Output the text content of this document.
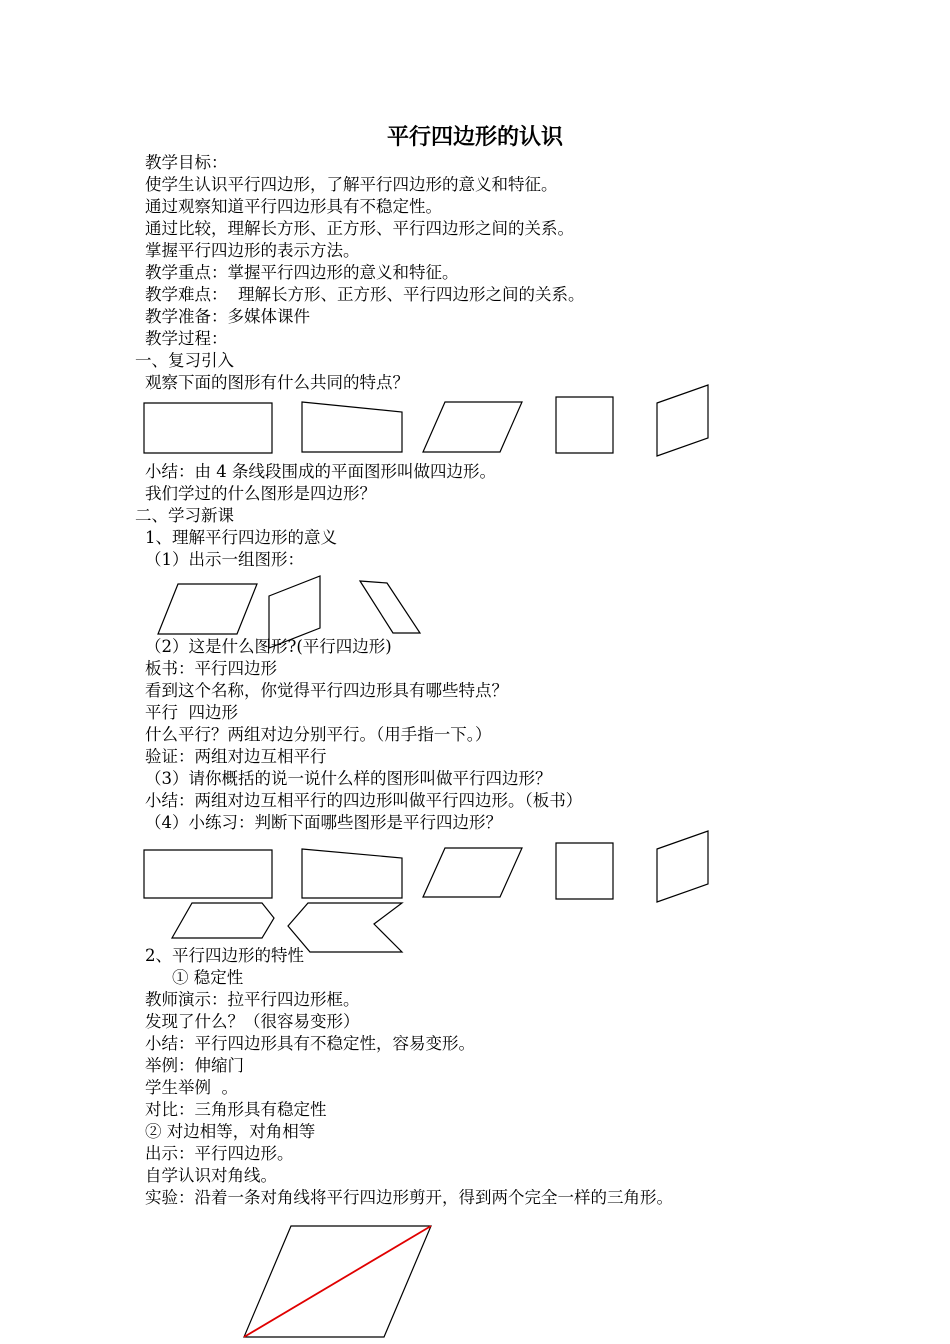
平行四边形的认识
教学目标：
使学生认识平行四边形，了解平行四边形的意义和特征。
通过观察知道平行四边形具有不稳定性。
通过比较，理解长方形、正方形、平行四边形之间的关系。
掌握平行四边形的表示方法。
教学重点：掌握平行四边形的意义和特征。
教学难点：  理解长方形、正方形、平行四边形之间的关系。
教学准备：多媒体课件
教学过程：
一、复习引入
观察下面的图形有什么共同的特点？
小结：由 4 条线段围成的平面图形叫做四边形。
我们学过的什么图形是四边形？
二、学习新课
1、理解平行四边形的意义
（1）出示一组图形：
（2）这是什么图形?(平行四边形)
板书：平行四边形
看到这个名称，你觉得平行四边形具有哪些特点？
平行  四边形
什么平行？两组对边分别平行。（用手指一下。）
验证：两组对边互相平行
（3）请你概括的说一说什么样的图形叫做平行四边形？
小结：两组对边互相平行的四边形叫做平行四边形。（板书）
（4）小练习：判断下面哪些图形是平行四边形？
2、平行四边形的特性
① 稳定性
教师演示：拉平行四边形框。
发现了什么？（很容易变形）
小结：平行四边形具有不稳定性，容易变形。
举例：伸缩门
学生举例  。
对比：三角形具有稳定性
② 对边相等，对角相等
出示：平行四边形。
自学认识对角线。
实验：沿着一条对角线将平行四边形剪开，得到两个完全一样的三角形。
